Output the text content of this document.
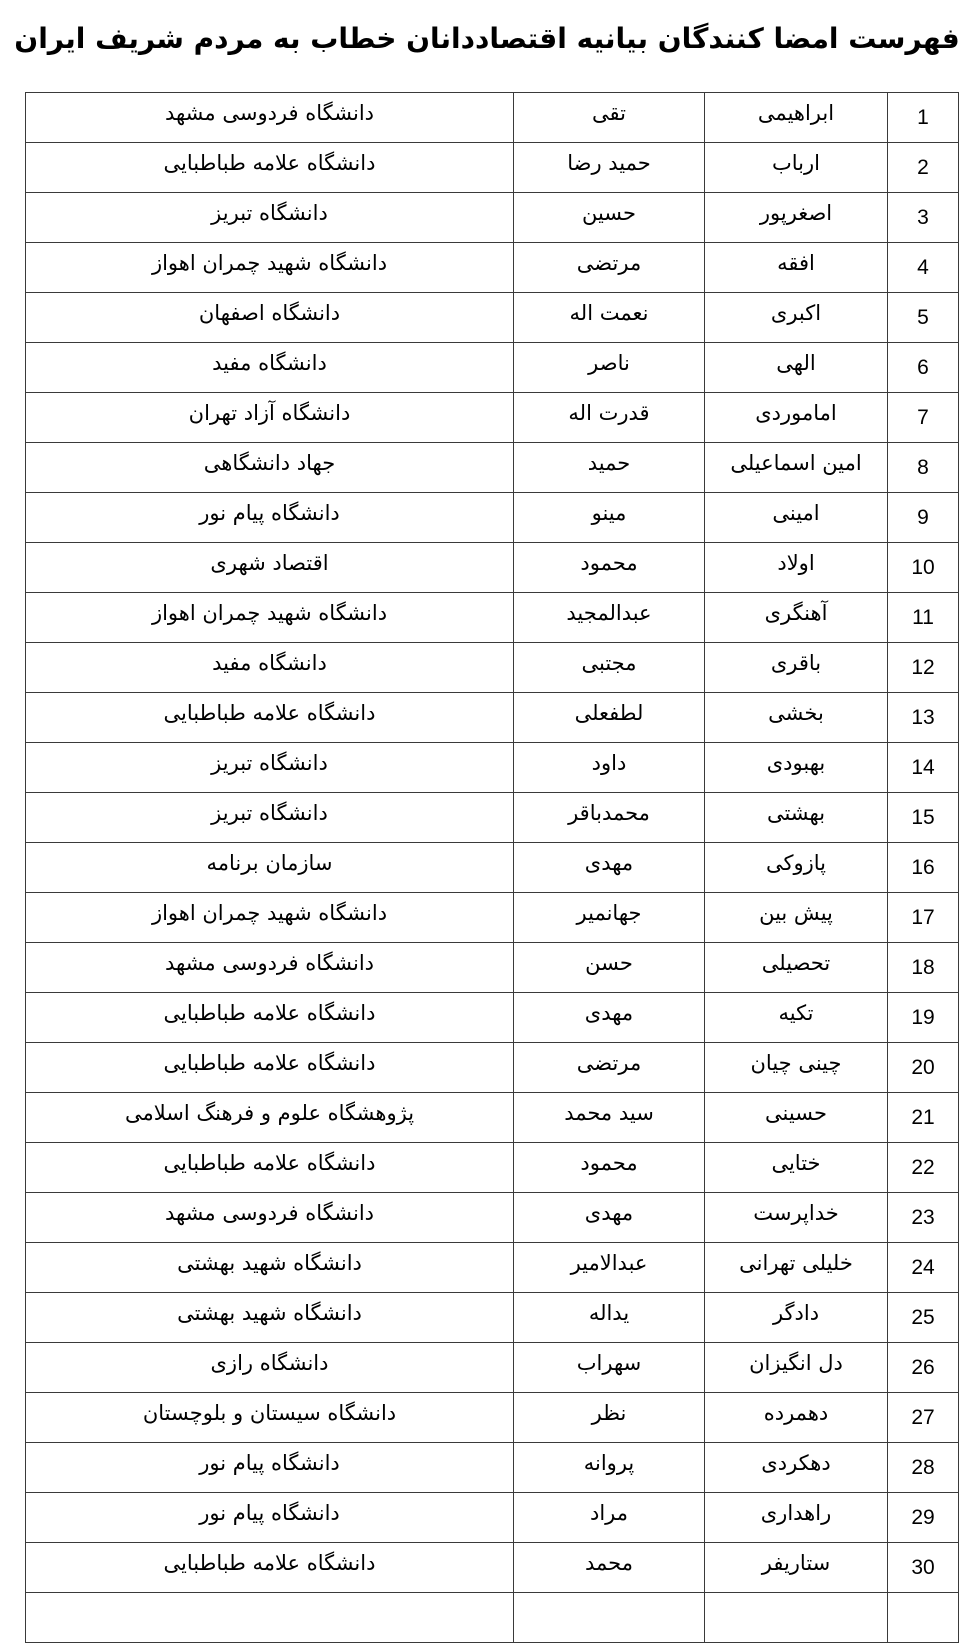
فهرست امضا کنندگان بیانیه اقتصاددانان خطاب به مردم شریف ایران
1	ابراهیمی	تقی	دانشگاه فردوسی مشهد
2	ارباب	حمید رضا	دانشگاه علامه طباطبایی
3	اصغرپور	حسین	دانشگاه تبریز
4	افقه	مرتضی	دانشگاه شهید چمران اهواز
5	اکبری	نعمت اله	دانشگاه اصفهان
6	الهی	ناصر	دانشگاه مفید
7	اماموردی	قدرت اله	دانشگاه آزاد تهران
8	امین اسماعیلی	حمید	جهاد دانشگاهی
9	امینی	مینو	دانشگاه پیام نور
10	اولاد	محمود	اقتصاد شهری
11	آهنگری	عبدالمجید	دانشگاه شهید چمران اهواز
12	باقری	مجتبی	دانشگاه مفید
13	بخشی	لطفعلی	دانشگاه علامه طباطبایی
14	بهبودی	داود	دانشگاه تبریز
15	بهشتی	محمدباقر	دانشگاه تبریز
16	پازوکی	مهدی	سازمان برنامه
17	پیش بین	جهانمیر	دانشگاه شهید چمران اهواز
18	تحصیلی	حسن	دانشگاه فردوسی مشهد
19	تکیه	مهدی	دانشگاه علامه طباطبایی
20	چینی چیان	مرتضی	دانشگاه علامه طباطبایی
21	حسینی	سید محمد	پژوهشگاه علوم و فرهنگ اسلامی
22	ختایی	محمود	دانشگاه علامه طباطبایی
23	خداپرست	مهدی	دانشگاه فردوسی مشهد
24	خلیلی تهرانی	عبدالامیر	دانشگاه شهید بهشتی
25	دادگر	یداله	دانشگاه شهید بهشتی
26	دل انگیزان	سهراب	دانشگاه رازی
27	دهمرده	نظر	دانشگاه سیستان و بلوچستان
28	دهکردی	پروانه	دانشگاه پیام نور
29	راهداری	مراد	دانشگاه پیام نور
30	ستاریفر	محمد	دانشگاه علامه طباطبایی
